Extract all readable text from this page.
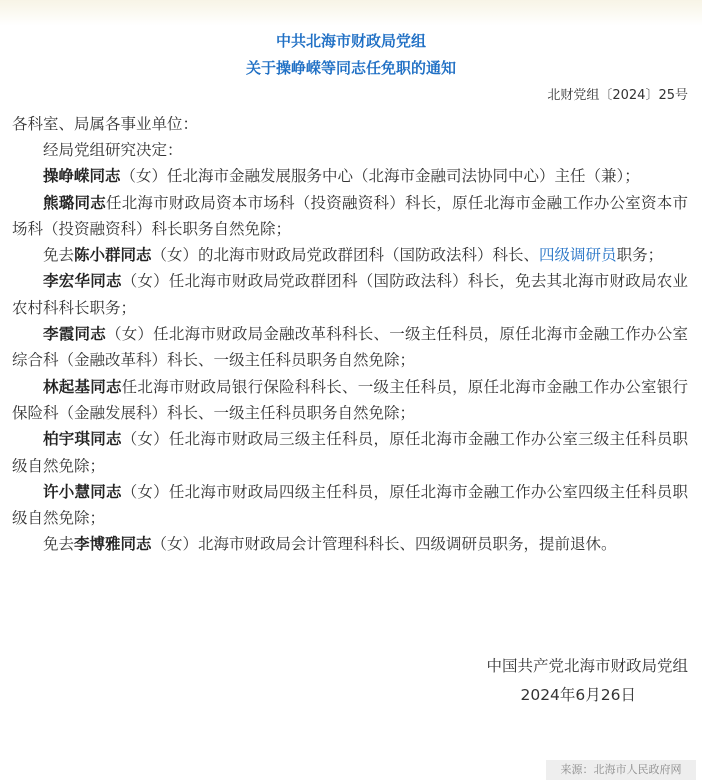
中共北海市财政局党组
关于操峥嵘等同志任免职的通知
北财党组〔2024〕25号
各科室、局属各事业单位：

经局党组研究决定：

操峥嵘同志（女）任北海市金融发展服务中心（北海市金融司法协同中心）主任（兼）；

熊璐同志任北海市财政局资本市场科（投资融资科）科长，原任北海市金融工作办公室资本市场科（投资融资科）科长职务自然免除；

免去陈小群同志（女）的北海市财政局党政群团科（国防政法科）科长、四级调研员职务；

李宏华同志（女）任北海市财政局党政群团科（国防政法科）科长，免去其北海市财政局农业农村科科长职务；

李霞同志（女）任北海市财政局金融改革科科长、一级主任科员，原任北海市金融工作办公室综合科（金融改革科）科长、一级主任科员职务自然免除；

林起基同志任北海市财政局银行保险科科长、一级主任科员，原任北海市金融工作办公室银行保险科（金融发展科）科长、一级主任科员职务自然免除；

柏宇琪同志（女）任北海市财政局三级主任科员，原任北海市金融工作办公室三级主任科员职级自然免除；

许小慧同志（女）任北海市财政局四级主任科员，原任北海市金融工作办公室四级主任科员职级自然免除；

免去李博雅同志（女）北海市财政局会计管理科科长、四级调研员职务，提前退休。

中国共产党北海市财政局党组
2024年6月26日
来源：北海市人民政府网
